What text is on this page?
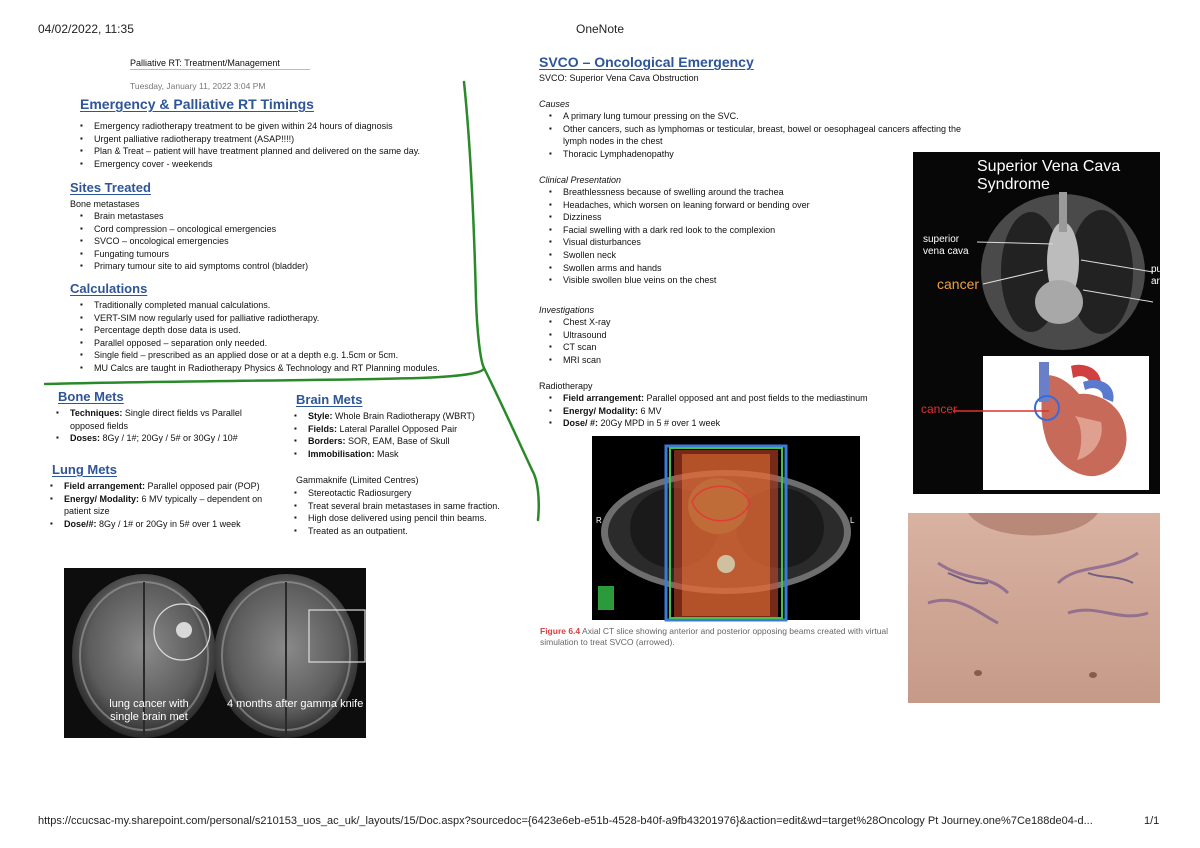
04/02/2022, 11:35	OneNote
https://ccucsac-my.sharepoint.com/personal/s210153_uos_ac_uk/_layouts/15/Doc.aspx?sourcedoc={6423e6eb-e51b-4528-b40f-a9fb43201976}&action=edit&wd=target%28Oncology Pt Journey.one%7Ce188de04-d...	1/1
Palliative RT: Treatment/Management
Tuesday, January 11, 2022 3:04 PM
Emergency & Palliative RT Timings
▪ Emergency radiotherapy treatment to be given within 24 hours of diagnosis
▪ Urgent palliative radiotherapy treatment (ASAP!!!!)
▪ Plan & Treat – patient will have treatment planned and delivered on the same day.
▪ Emergency cover - weekends
Sites Treated
Bone metastases
▪ Brain metastases
▪ Cord compression – oncological emergencies
▪ SVCO – oncological emergencies
▪ Fungating tumours
▪ Primary tumour site to aid symptoms control (bladder)
Calculations
▪ Traditionally completed manual calculations.
▪ VERT-SIM now regularly used for palliative radiotherapy.
▪ Percentage depth dose data is used.
▪ Parallel opposed – separation only needed.
▪ Single field – prescribed as an applied dose or at a depth e.g. 1.5cm or 5cm.
▪ MU Calcs are taught in Radiotherapy Physics & Technology and RT Planning modules.
Bone Mets
▪ Techniques: Single direct fields vs Parallel opposed fields
▪ Doses: 8Gy / 1#; 20Gy / 5# or 30Gy / 10#
Lung Mets
▪ Field arrangement: Parallel opposed pair (POP)
▪ Energy/ Modality: 6 MV typically – dependent on patient size
▪ Dose/#: 8Gy / 1# or 20Gy in 5# over 1 week
Brain Mets
▪ Style: Whole Brain Radiotherapy (WBRT)
▪ Fields: Lateral Parallel Opposed Pair
▪ Borders: SOR, EAM, Base of Skull
▪ Immobilisation: Mask
Gammaknife (Limited Centres)
▪ Stereotactic Radiosurgery
▪ Treat several brain metastases in same fraction.
▪ High dose delivered using pencil thin beams.
▪ Treated as an outpatient.
lung cancer with
single brain met
4 months after gamma knife
SVCO – Oncological Emergency
SVCO: Superior Vena Cava Obstruction
Causes
▪ A primary lung tumour pressing on the SVC.
▪ Other cancers, such as lymphomas or testicular, breast, bowel or oesophageal cancers affecting the lymph nodes in the chest
▪ Thoracic Lymphadenopathy
Clinical Presentation
▪ Breathlessness because of swelling around the trachea
▪ Headaches, which worsen on leaning forward or bending over
▪ Dizziness
▪ Facial swelling with a dark red look to the complexion
▪ Visual disturbances
▪ Swollen neck
▪ Swollen arms and hands
▪ Visible swollen blue veins on the chest
Investigations
▪ Chest X-ray
▪ Ultrasound
▪ CT scan
▪ MRI scan
Radiotherapy
▪ Field arrangement: Parallel opposed ant and post fields to the mediastinum
▪ Energy/ Modality: 6 MV
▪ Dose/ #: 20Gy MPD in 5 # over 1 week
R	L
Figure 6.4 Axial CT slice showing anterior and posterior opposing beams created with virtual simulation to treat SVCO (arrowed).
Superior Vena Cava Syndrome
superior
vena cava
cancer
pu
ar
cancer
